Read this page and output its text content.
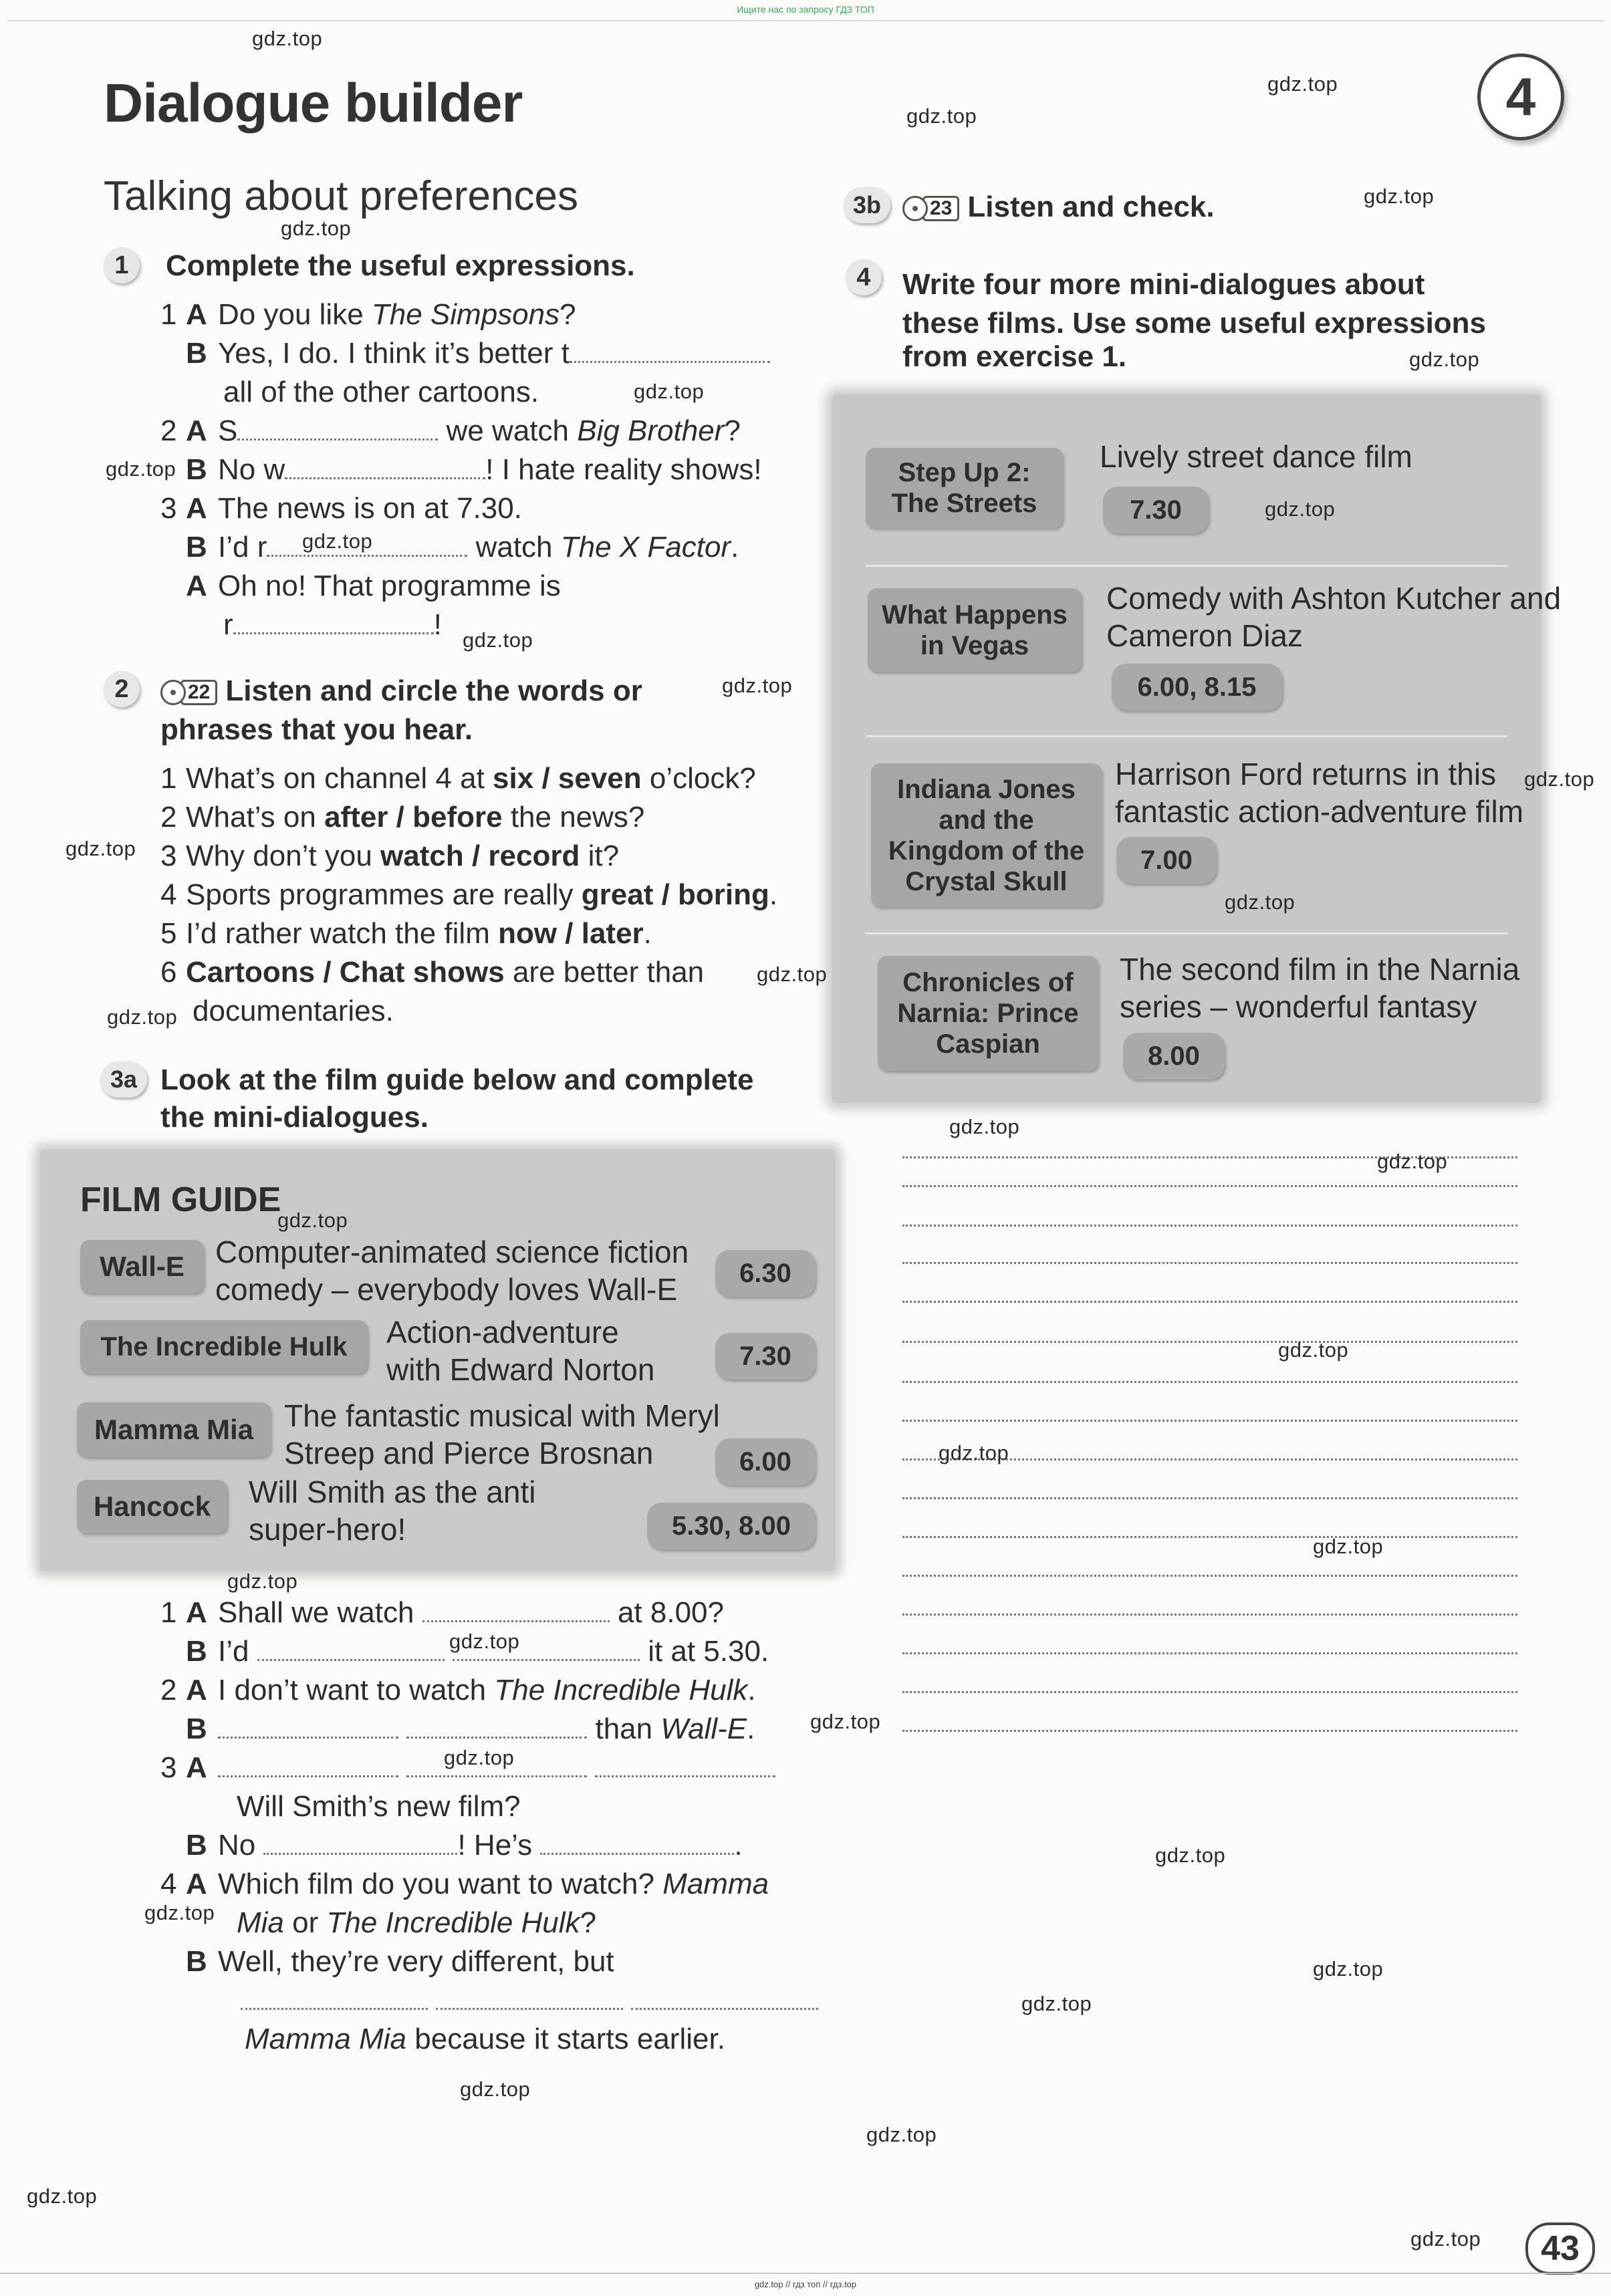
Ищите нас по запросу ГДЗ ТОП
Dialogue builder
Talking about preferences
4
1	Complete the useful expressions.
1 A Do you like The Simpsons?
B Yes, I do. I think it’s better t
all of the other cartoons.
2 A S	we watch Big Brother?
B No w	! I hate reality shows!
3 A The news is on at 7.30.
B I’d r	watch The X Factor.
A Oh no! That programme is
r	!
2	22 Listen and circle the words or
phrases that you hear.
1 What’s on channel 4 at six / seven o’clock?
2 What’s on after / before the news?
3 Why don’t you watch / record it?
4 Sports programmes are really great / boring.
5 I’d rather watch the film now / later.
6 Cartoons / Chat shows are better than
documentaries.
3a Look at the film guide below and complete
the mini-dialogues.
FILM GUIDE
Wall-E	Computer-animated science fiction
comedy – everybody loves Wall-E	6.30
The Incredible Hulk	Action-adventure
with Edward Norton	7.30
Mamma Mia The fantastic musical with Meryl
Streep and Pierce Brosnan	6.00
Hancock	Will Smith as the anti
super-hero!	5.30, 8.00
1 A Shall we watch	at 8.00?
B I’d	it at 5.30.
2 A I don’t want to watch The Incredible Hulk.
B	than Wall-E.
3 A
Will Smith’s new film?
B No	! He’s	.
4 A Which film do you want to watch? Mamma
Mia or The Incredible Hulk?
B Well, they’re very different, but

Mamma Mia because it starts earlier.
3b	23 Listen and check.
4	Write four more mini-dialogues about
these films. Use some useful expressions
from exercise 1.
Step Up 2:
The Streets
Lively street dance film
7.30
What Happens
in Vegas
Comedy with Ashton Kutcher and
Cameron Diaz
6.00, 8.15
Indiana Jones
and the
Kingdom of the
Crystal Skull
Harrison Ford returns in this
fantastic action-adventure film
7.00
Chronicles of
Narnia: Prince
Caspian
The second film in the Narnia
series – wonderful fantasy
8.00
gdz.top
gdz.top
gdz.top
gdz.top
gdz.top
gdz.top
gdz.top
gdz.top
gdz.top
gdz.top
gdz.top
gdz.top
gdz.top
gdz.top
gdz.top
gdz.top
gdz.top
gdz.top
gdz.top
gdz.top
gdz.top
gdz.top
gdz.top
gdz.top
gdz.top
gdz.top
gdz.top
gdz.top
gdz.top
gdz.top
gdz.top
gdz.top
gdz.top
gdz.top
gdz.top	43
gdz.top // гдз топ // гдз.top
